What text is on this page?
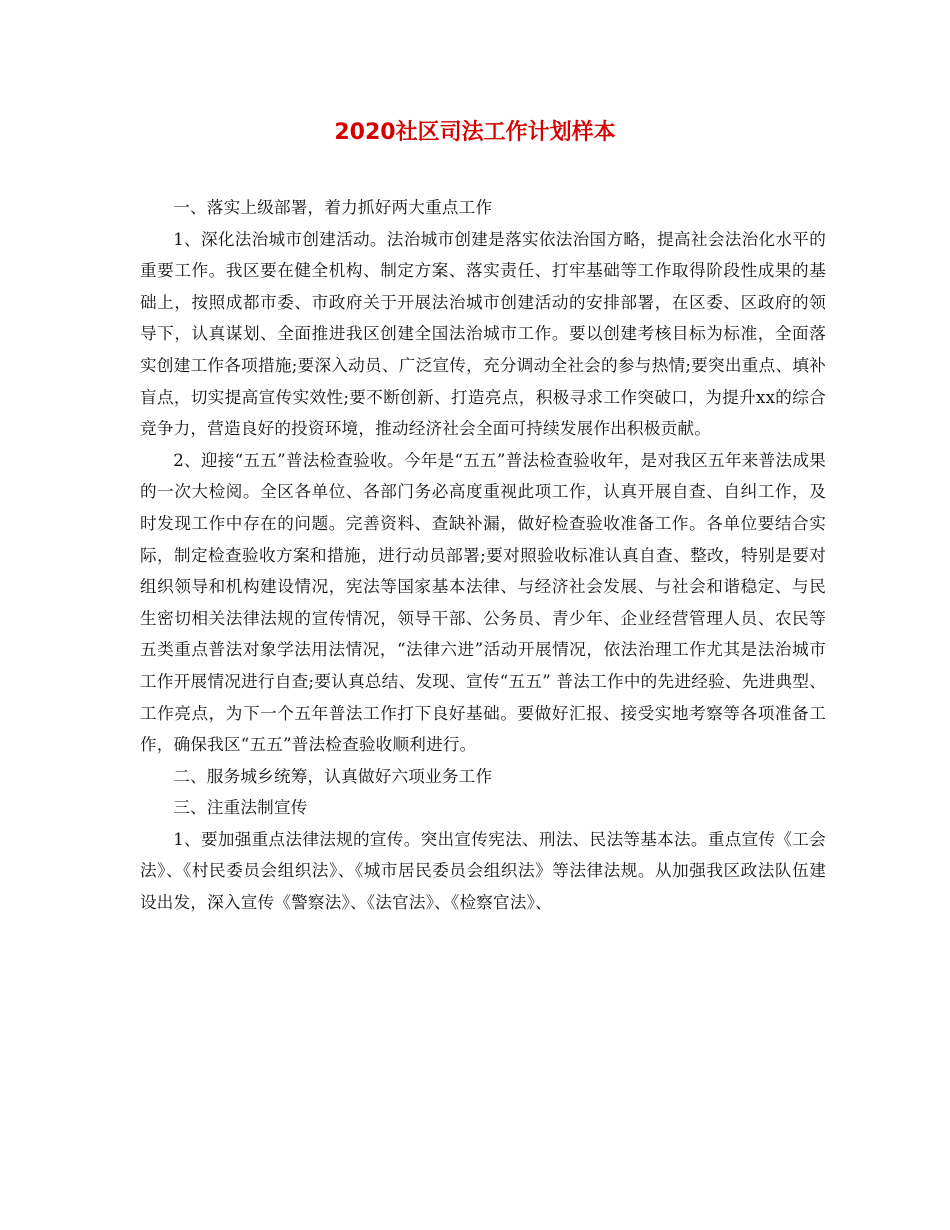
2020社区司法工作计划样本

一、落实上级部署，着力抓好两大重点工作

1、深化法治城市创建活动。法治城市创建是落实依法治国方略，提高社会法治化水平的重要工作。我区要在健全机构、制定方案、落实责任、打牢基础等工作取得阶段性成果的基础上，按照成都市委、市政府关于开展法治城市创建活动的安排部署，在区委、区政府的领导下，认真谋划、全面推进我区创建全国法治城市工作。要以创建考核目标为标准，全面落实创建工作各项措施;要深入动员、广泛宣传，充分调动全社会的参与热情;要突出重点、填补盲点，切实提高宣传实效性;要不断创新、打造亮点，积极寻求工作突破口，为提升xx的综合竞争力，营造良好的投资环境，推动经济社会全面可持续发展作出积极贡献。

2、迎接“五五”普法检查验收。今年是“五五”普法检查验收年，是对我区五年来普法成果的一次大检阅。全区各单位、各部门务必高度重视此项工作，认真开展自查、自纠工作，及时发现工作中存在的问题。完善资料、查缺补漏，做好检查验收准备工作。各单位要结合实际，制定检查验收方案和措施，进行动员部署;要对照验收标准认真自查、整改，特别是要对组织领导和机构建设情况，宪法等国家基本法律、与经济社会发展、与社会和谐稳定、与民生密切相关法律法规的宣传情况，领导干部、公务员、青少年、企业经营管理人员、农民等五类重点普法对象学法用法情况，“法律六进”活动开展情况，依法治理工作尤其是法治城市工作开展情况进行自查;要认真总结、发现、宣传“五五” 普法工作中的先进经验、先进典型、工作亮点，为下一个五年普法工作打下良好基础。要做好汇报、接受实地考察等各项准备工作，确保我区“五五”普法检查验收顺利进行。

二、服务城乡统筹，认真做好六项业务工作

三、注重法制宣传

1、要加强重点法律法规的宣传。突出宣传宪法、刑法、民法等基本法。重点宣传《工会法》、《村民委员会组织法》、《城市居民委员会组织法》等法律法规。从加强我区政法队伍建设出发，深入宣传《警察法》、《法官法》、《检察官法》、
